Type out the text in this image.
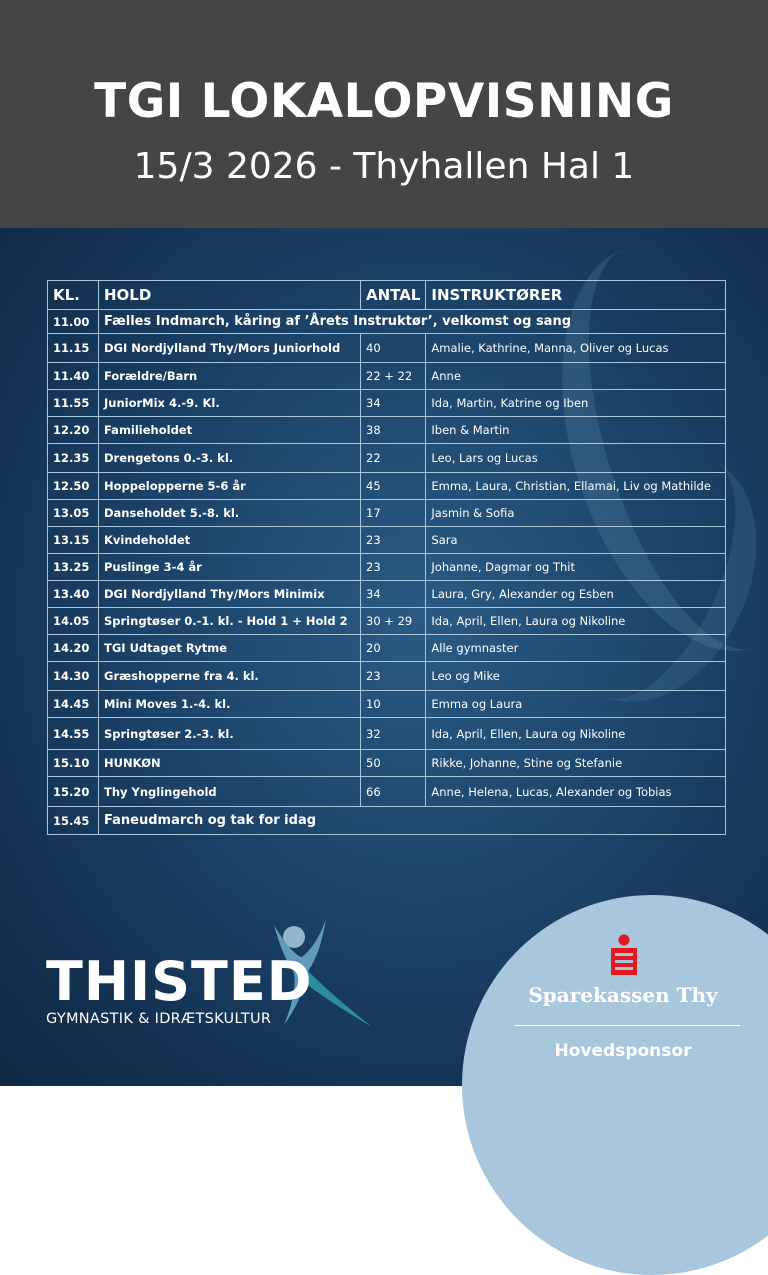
TGI LOKALOPVISNING
15/3 2026 - Thyhallen Hal 1
KL.	HOLD	ANTAL	INSTRUKTØRER
11.00	Fælles Indmarch, kåring af ’Årets Instruktør’, velkomst og sang		
11.15	DGI Nordjylland Thy/Mors Juniorhold	40	Amalie, Kathrine, Manna, Oliver og Lucas
11.40	Forældre/Barn	22 + 22	Anne
11.55	JuniorMix 4.-9. Kl.	34	Ida, Martin, Katrine og Iben
12.20	Familieholdet	38	Iben & Martin
12.35	Drengetons 0.-3. kl.	22	Leo, Lars og Lucas
12.50	Hoppelopperne 5-6 år	45	Emma, Laura, Christian, Ellamai, Liv og Mathilde
13.05	Danseholdet 5.-8. kl.	17	Jasmin & Sofia
13.15	Kvindeholdet	23	Sara
13.25	Puslinge 3-4 år	23	Johanne, Dagmar og Thit
13.40	DGI Nordjylland Thy/Mors Minimix	34	Laura, Gry, Alexander og Esben
14.05	Springtøser 0.-1. kl. - Hold 1 + Hold 2	30 + 29	Ida, April, Ellen, Laura og Nikoline
14.20	TGI Udtaget Rytme	20	Alle gymnaster
14.30	Græshopperne fra 4. kl.	23	Leo og Mike
14.45	Mini Moves 1.-4. kl.	10	Emma og Laura
14.55	Springtøser 2.-3. kl.	32	Ida, April, Ellen, Laura og Nikoline
15.10	HUNKØN	50	Rikke, Johanne, Stine og Stefanie
15.20	Thy Ynglingehold	66	Anne, Helena, Lucas, Alexander og Tobias
15.45	Faneudmarch og tak for idag		
THISTED
GYMNASTIK & IDRÆTSKULTUR
Sparekassen Thy
Hovedsponsor
